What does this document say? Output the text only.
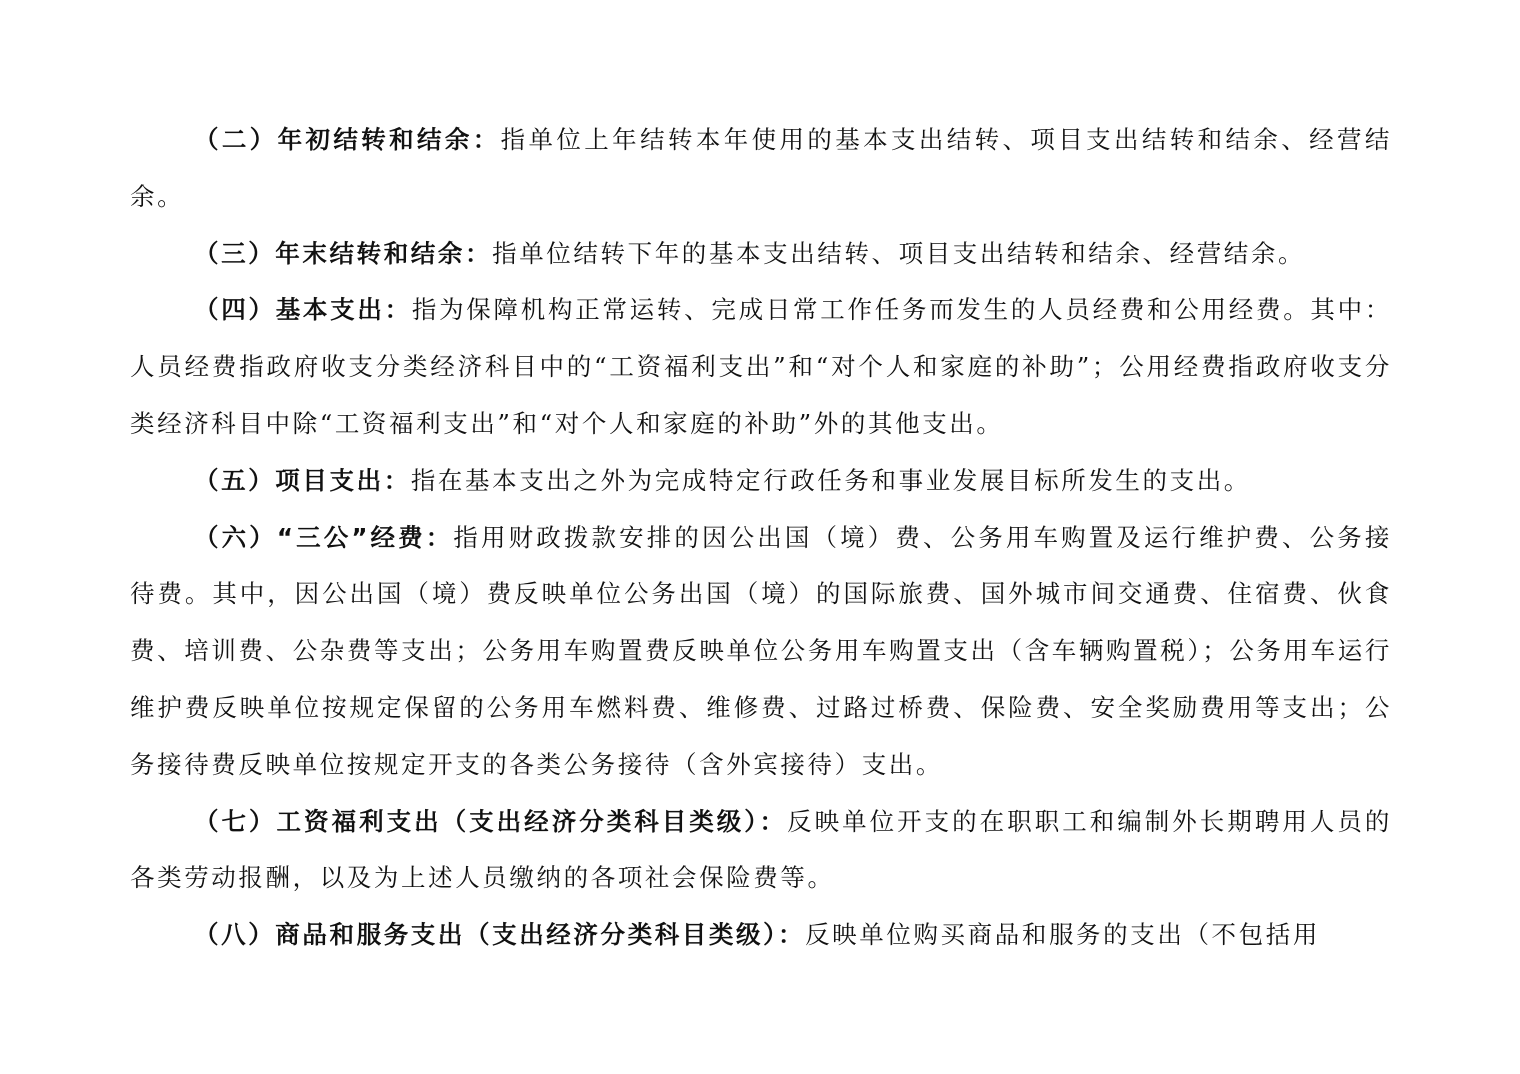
（二）年初结转和结余：指单位上年结转本年使用的基本支出结转、项目支出结转和结余、经营结余。

（三）年末结转和结余：指单位结转下年的基本支出结转、项目支出结转和结余、经营结余。

（四）基本支出：指为保障机构正常运转、完成日常工作任务而发生的人员经费和公用经费。其中：人员经费指政府收支分类经济科目中的“工资福利支出”和“对个人和家庭的补助”；公用经费指政府收支分类经济科目中除“工资福利支出”和“对个人和家庭的补助”外的其他支出。

（五）项目支出：指在基本支出之外为完成特定行政任务和事业发展目标所发生的支出。

（六）“三公”经费：指用财政拨款安排的因公出国（境）费、公务用车购置及运行维护费、公务接待费。其中，因公出国（境）费反映单位公务出国（境）的国际旅费、国外城市间交通费、住宿费、伙食费、培训费、公杂费等支出；公务用车购置费反映单位公务用车购置支出（含车辆购置税）；公务用车运行维护费反映单位按规定保留的公务用车燃料费、维修费、过路过桥费、保险费、安全奖励费用等支出；公务接待费反映单位按规定开支的各类公务接待（含外宾接待）支出。

（七）工资福利支出（支出经济分类科目类级）：反映单位开支的在职职工和编制外长期聘用人员的各类劳动报酬，以及为上述人员缴纳的各项社会保险费等。

（八）商品和服务支出（支出经济分类科目类级）：反映单位购买商品和服务的支出（不包括用
